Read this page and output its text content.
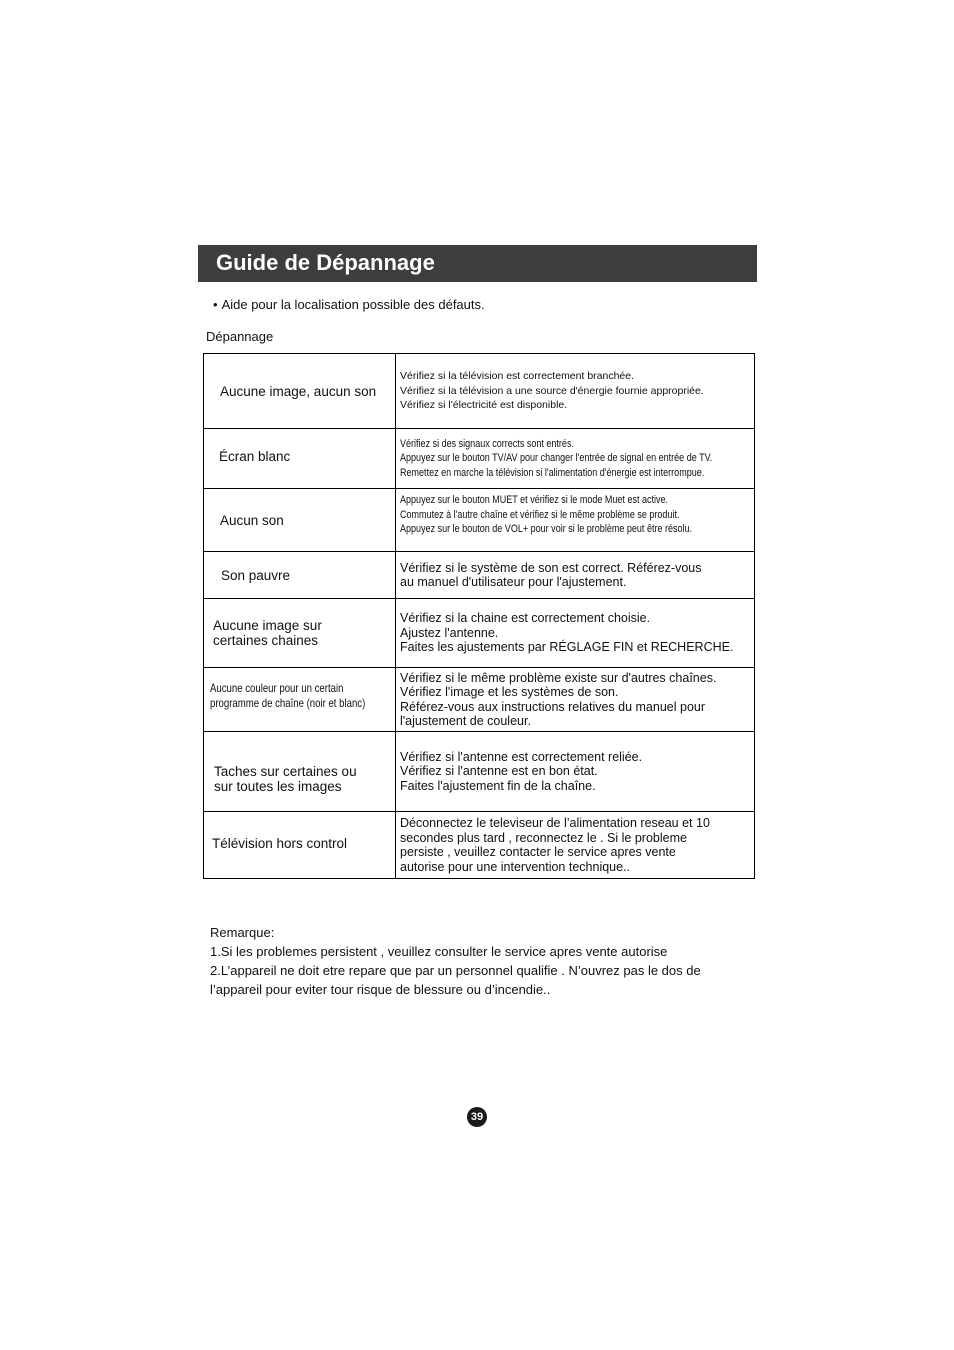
Guide de Dépannage
• Aide pour la localisation possible des défauts.
Dépannage
Aucune image, aucun son
Vérifiez si la télévision est correctement branchée.
Vérifiez si la télévision a une source d'énergie fournie appropriée.
Vérifiez si l'électricité est disponible.
Écran blanc
Vérifiez si des signaux corrects sont entrés.
Appuyez sur le bouton TV/AV pour changer l'entrée de signal en entrée de TV.
Remettez en marche la télévision si l'alimentation d'énergie est interrompue.
Aucun son
Appuyez sur le bouton MUET et vérifiez si le mode Muet est active.
Commutez à l'autre chaîne et vérifiez si le même problème se produit.
Appuyez sur le bouton de VOL+ pour voir si le problème peut être résolu.
Son pauvre	Vérifiez si le système de son est correct. Référez-vous
au manuel d'utilisateur pour l'ajustement.
Aucune image sur
certaines chaines
Vérifiez si la chaine est correctement choisie.
Ajustez l'antenne.
Faites les ajustements par RÉGLAGE FIN et RECHERCHE.
Aucune couleur pour un certain
programme de chaîne (noir et blanc)
Vérifiez si le même problème existe sur d'autres chaînes.
Vérifiez l'image et les systèmes de son.
Référez-vous aux instructions relatives du manuel pour
l'ajustement de couleur.
Taches sur certaines ou
sur toutes les images
Vérifiez si l'antenne est correctement reliée.
Vérifiez si l'antenne est en bon état.
Faites l'ajustement fin de la chaîne.
Télévision hors control
Déconnectez le televiseur de l’alimentation reseau et 10
secondes plus tard , reconnectez le . Si le probleme
persiste , veuillez contacter le service apres vente
autorise pour une intervention technique..
Remarque:
1.Si les problemes persistent , veuillez consulter le service apres vente autorise
2.L’appareil ne doit etre repare que par un personnel qualifie . N’ouvrez pas le dos de
l’appareil pour eviter tour risque de blessure ou d’incendie..
39
